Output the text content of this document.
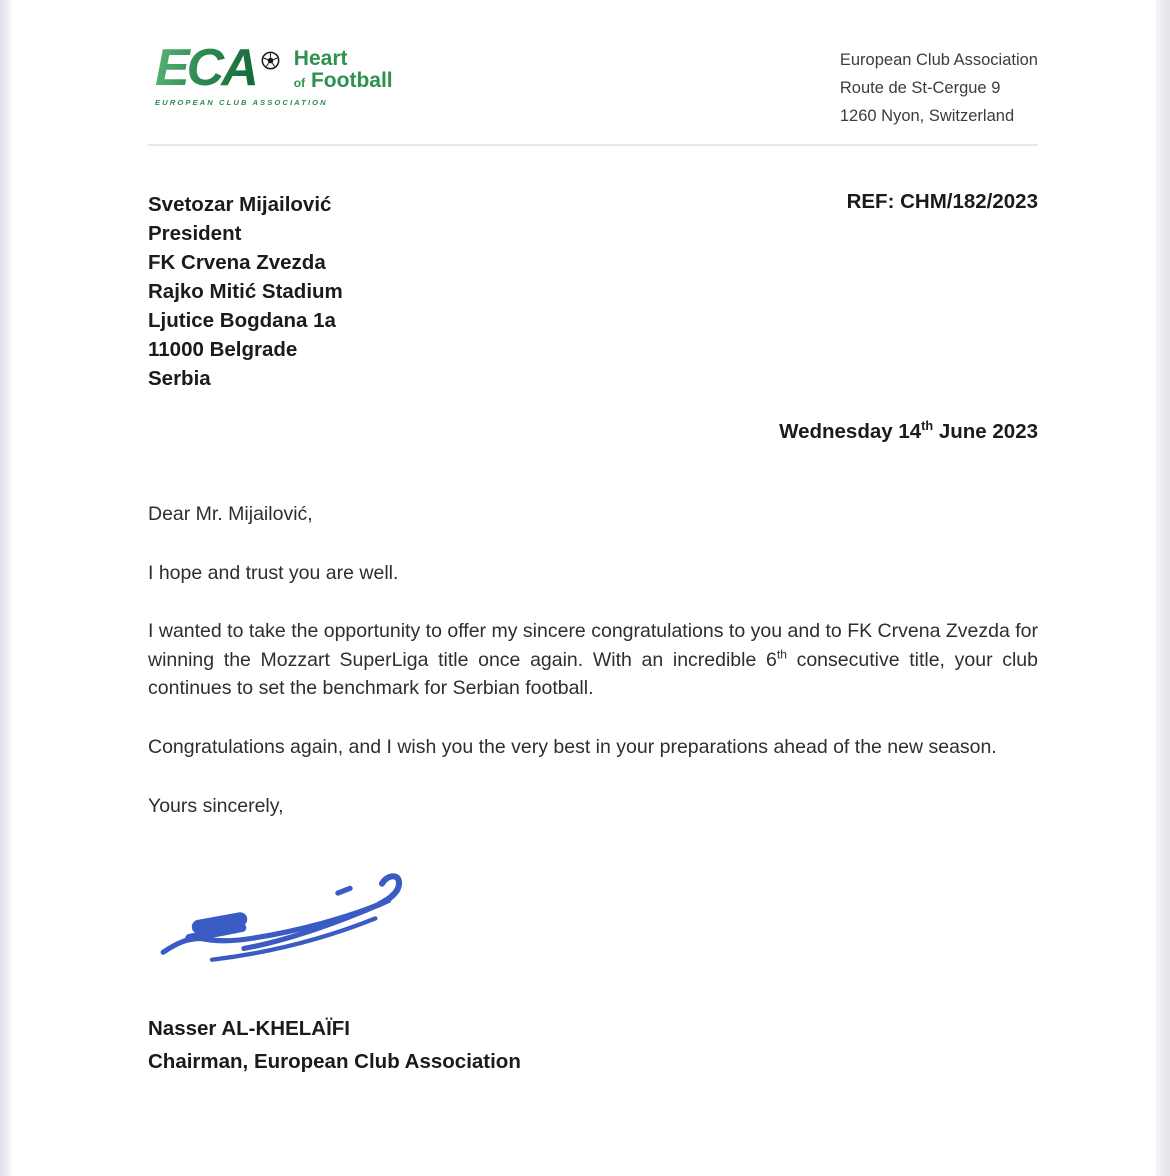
ECA Heart
of Football
EUROPEAN CLUB ASSOCIATION
European Club Association
Route de St-Cergue 9
1260 Nyon, Switzerland
Svetozar Mijailović
President
FK Crvena Zvezda
Rajko Mitić Stadium
Ljutice Bogdana 1a
11000 Belgrade
Serbia
REF: CHM/182/2023
Wednesday 14th June 2023

Dear Mr. Mijailović,

I hope and trust you are well.

I wanted to take the opportunity to offer my sincere congratulations to you and to FK Crvena Zvezda for winning the Mozzart SuperLiga title once again. With an incredible 6th consecutive title, your club continues to set the benchmark for Serbian football.

Congratulations again, and I wish you the very best in your preparations ahead of the new season.

Yours sincerely,

Nasser AL-KHELAÏFI
Chairman, European Club Association
